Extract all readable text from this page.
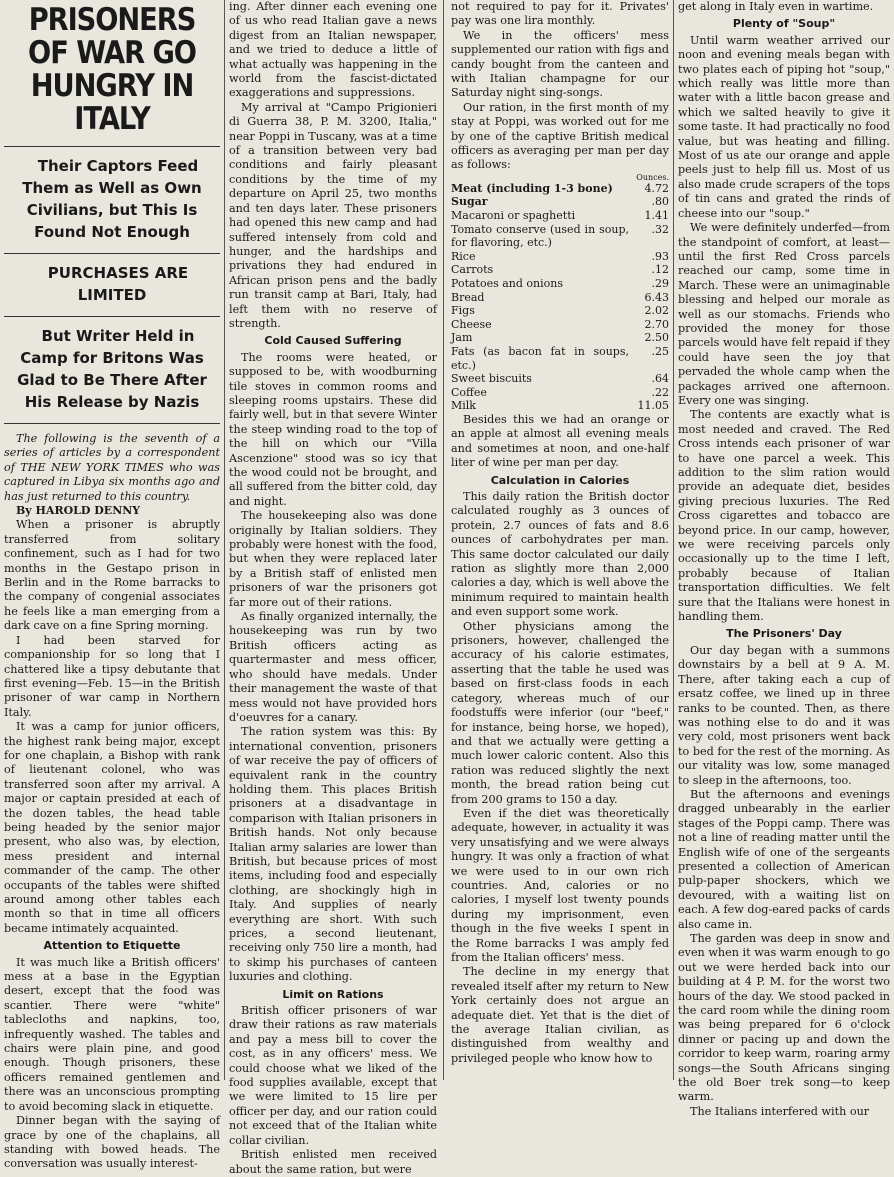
PRISONERS OF WAR GO HUNGRY IN ITALY

Their Captors Feed Them as Well as Own Civilians, but This Is Found Not Enough

PURCHASES ARE LIMITED

But Writer Held in Camp for Britons Was Glad to Be There After His Release by Nazis

The following is the seventh of a series of articles by a correspondent of THE NEW YORK TIMES who was captured in Libya six months ago and has just returned to this country.

By HAROLD DENNY

When a prisoner is abruptly transferred from solitary confinement, such as I had for two months in the Gestapo prison in Berlin and in the Rome barracks to the company of congenial associates he feels like a man emerging from a dark cave on a fine Spring morning.

I had been starved for companionship for so long that I chattered like a tipsy debutante that first evening—Feb. 15—in the British prisoner of war camp in Northern Italy.

It was a camp for junior officers, the highest rank being major, except for one chaplain, a Bishop with rank of lieutenant colonel, who was transferred soon after my arrival. A major or captain presided at each of the dozen tables, the head table being headed by the senior major present, who also was, by election, mess president and internal commander of the camp. The other occupants of the tables were shifted around among other tables each month so that in time all officers became intimately acquainted.

Attention to Etiquette

It was much like a British officers' mess at a base in the Egyptian desert, except that the food was scantier. There were "white" tablecloths and napkins, too, infrequently washed. The tables and chairs were plain pine, and good enough. Though prisoners, these officers remained gentlemen and there was an unconscious prompting to avoid becoming slack in etiquette.

Dinner began with the saying of grace by one of the chaplains, all standing with bowed heads. The conversation was usually interest-

ing. After dinner each evening one of us who read Italian gave a news digest from an Italian newspaper, and we tried to deduce a little of what actually was happening in the world from the fascist-dictated exaggerations and suppressions.

My arrival at "Campo Prigionieri di Guerra 38, P. M. 3200, Italia," near Poppi in Tuscany, was at a time of a transition between very bad conditions and fairly pleasant conditions by the time of my departure on April 25, two months and ten days later. These prisoners had opened this new camp and had suffered intensely from cold and hunger, and the hardships and privations they had endured in African prison pens and the badly run transit camp at Bari, Italy, had left them with no reserve of strength.

Cold Caused Suffering

The rooms were heated, or supposed to be, with woodburning tile stoves in common rooms and sleeping rooms upstairs. These did fairly well, but in that severe Winter the steep winding road to the top of the hill on which our "Villa Ascenzione" stood was so icy that the wood could not be brought, and all suffered from the bitter cold, day and night.

The housekeeping also was done originally by Italian soldiers. They probably were honest with the food, but when they were replaced later by a British staff of enlisted men prisoners of war the prisoners got far more out of their rations.

As finally organized internally, the housekeeping was run by two British officers acting as quartermaster and mess officer, who should have medals. Under their management the waste of that mess would not have provided hors d'oeuvres for a canary.

The ration system was this: By international convention, prisoners of war receive the pay of officers of equivalent rank in the country holding them. This places British prisoners at a disadvantage in comparison with Italian prisoners in British hands. Not only because Italian army salaries are lower than British, but because prices of most items, including food and especially clothing, are shockingly high in Italy. And supplies of nearly everything are short. With such prices, a second lieutenant, receiving only 750 lire a month, had to skimp his purchases of canteen luxuries and clothing.

Limit on Rations

British officer prisoners of war draw their rations as raw materials and pay a mess bill to cover the cost, as in any officers' mess. We could choose what we liked of the food supplies available, except that we were limited to 15 lire per officer per day, and our ration could not exceed that of the Italian white collar civilian.

British enlisted men received about the same ration, but were

not required to pay for it. Privates' pay was one lira monthly.

We in the officers' mess supplemented our ration with figs and candy bought from the canteen and with Italian champagne for our Saturday night sing-songs.

Our ration, in the first month of my stay at Poppi, was worked out for me by one of the captive British medical officers as averaging per man per day as follows:

Ounces.
Meat (including 1-3 bone)	4.72
Sugar	.80
Macaroni or spaghetti	1.41
Tomato conserve (used in soup, for flavoring, etc.)	.32
Rice	.93
Carrots	.12
Potatoes and onions	.29
Bread	6.43
Figs	2.02
Cheese	2.70
Jam	2.50
Fats (as bacon fat in soups, etc.)	.25
Sweet biscuits	.64
Coffee	.22
Milk	11.05

Besides this we had an orange or an apple at almost all evening meals and sometimes at noon, and one-half liter of wine per man per day.

Calculation in Calories

This daily ration the British doctor calculated roughly as 3 ounces of protein, 2.7 ounces of fats and 8.6 ounces of carbohydrates per man. This same doctor calculated our daily ration as slightly more than 2,000 calories a day, which is well above the minimum required to maintain health and even support some work.

Other physicians among the prisoners, however, challenged the accuracy of his calorie estimates, asserting that the table he used was based on first-class foods in each category, whereas much of our foodstuffs were inferior (our "beef," for instance, being horse, we hoped), and that we actually were getting a much lower caloric content. Also this ration was reduced slightly the next month, the bread ration being cut from 200 grams to 150 a day.

Even if the diet was theoretically adequate, however, in actuality it was very unsatisfying and we were always hungry. It was only a fraction of what we were used to in our own rich countries. And, calories or no calories, I myself lost twenty pounds during my imprisonment, even though in the five weeks I spent in the Rome barracks I was amply fed from the Italian officers' mess.

The decline in my energy that revealed itself after my return to New York certainly does not argue an adequate diet. Yet that is the diet of the average Italian civilian, as distinguished from wealthy and privileged people who know how to

get along in Italy even in wartime.

Plenty of "Soup"

Until warm weather arrived our noon and evening meals began with two plates each of piping hot "soup," which really was little more than water with a little bacon grease and which we salted heavily to give it some taste. It had practically no food value, but was heating and filling. Most of us ate our orange and apple peels just to help fill us. Most of us also made crude scrapers of the tops of tin cans and grated the rinds of cheese into our "soup."

We were definitely underfed—from the standpoint of comfort, at least—until the first Red Cross parcels reached our camp, some time in March. These were an unimaginable blessing and helped our morale as well as our stomachs. Friends who provided the money for those parcels would have felt repaid if they could have seen the joy that pervaded the whole camp when the packages arrived one afternoon. Every one was singing.

The contents are exactly what is most needed and craved. The Red Cross intends each prisoner of war to have one parcel a week. This addition to the slim ration would provide an adequate diet, besides giving precious luxuries. The Red Cross cigarettes and tobacco are beyond price. In our camp, however, we were receiving parcels only occasionally up to the time I left, probably because of Italian transportation difficulties. We felt sure that the Italians were honest in handling them.

The Prisoners' Day

Our day began with a summons downstairs by a bell at 9 A. M. There, after taking each a cup of ersatz coffee, we lined up in three ranks to be counted. Then, as there was nothing else to do and it was very cold, most prisoners went back to bed for the rest of the morning. As our vitality was low, some managed to sleep in the afternoons, too.

But the afternoons and evenings dragged unbearably in the earlier stages of the Poppi camp. There was not a line of reading matter until the English wife of one of the sergeants presented a collection of American pulp-paper shockers, which we devoured, with a waiting list on each. A few dog-eared packs of cards also came in.

The garden was deep in snow and even when it was warm enough to go out we were herded back into our building at 4 P. M. for the worst two hours of the day. We stood packed in the card room while the dining room was being prepared for 6 o'clock dinner or pacing up and down the corridor to keep warm, roaring army songs—the South Africans singing the old Boer trek song—to keep warm.

The Italians interfered with our
